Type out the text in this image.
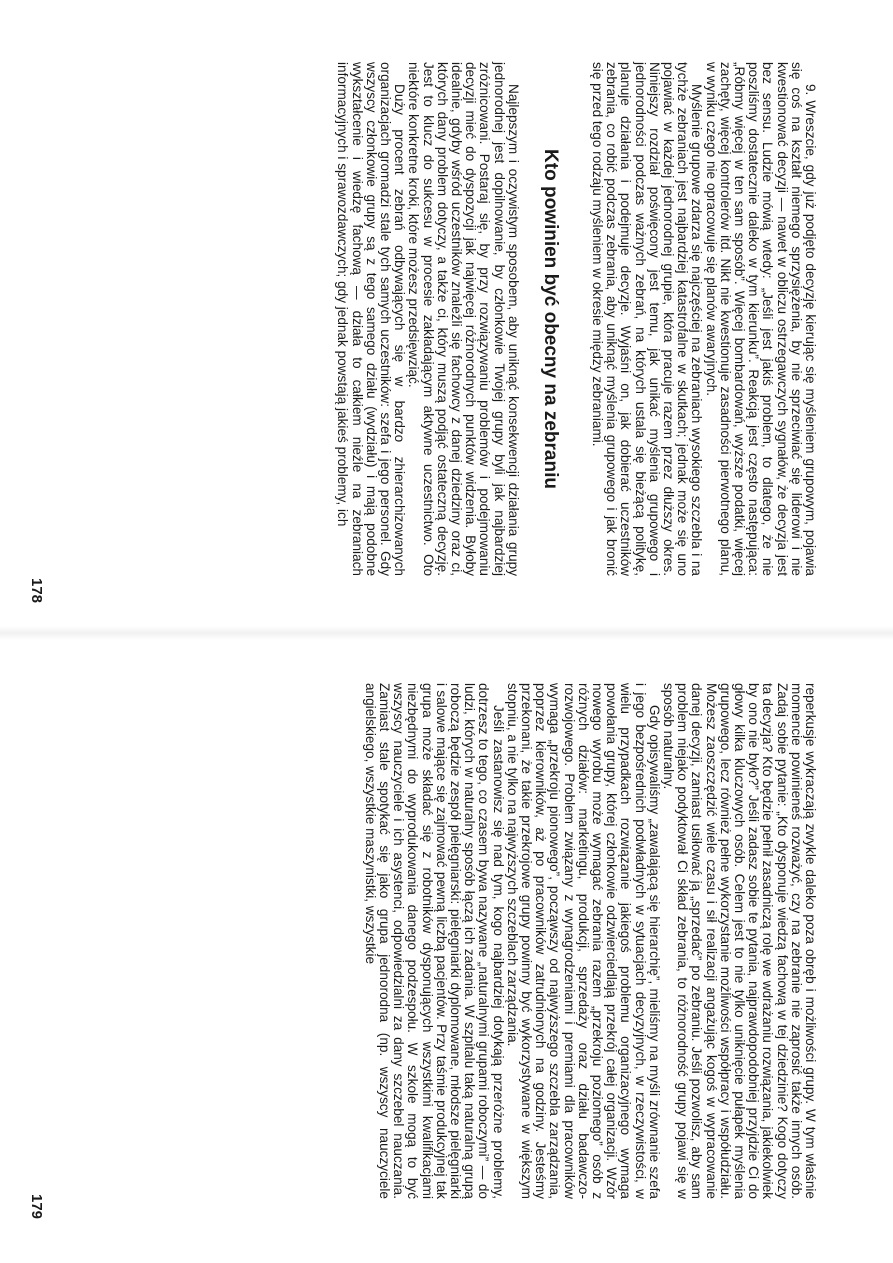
9. Wreszcie, gdy już podjęto decyzję kierując się myśleniem grupowym, pojawia się coś na kształt niemego sprzysiężenia, by nie sprzeciwiać się liderowi i nie kwestionować decyzji — nawet w obliczu ostrzegawczych sygnałów, że decyzja jest bez sensu. Ludzie mówią wtedy: „Jeśli jest jakiś problem, to dlatego, że nie poszliśmy dostatecznie daleko w tym kierunku”. Reakcją jest często następująca: „Róbmy więcej w ten sam sposób”. Więcej bombardowań, wyższe podatki, więcej zachęty, więcej kontrolerów itd. Nikt nie kwestionuje zasadności pierwotnego planu, w wyniku czego nie opracowuje się planów awaryjnych.

Myślenie grupowe zdarza się najczęściej na zebraniach wysokiego szczebla i na tychże zebraniach jest najbardziej katastrofalne w skutkach; jednak może się uno pojawiać w każdej jednorodnej grupie, która pracuje razem przez dłuższy okres. Niniejszy rozdział poświęcony jest temu, jak unikać myślenia grupowego i jednorodności podczas ważnych zebrań, na których ustala się bieżącą politykę, planuje działania i podejmuje decyzje. Wyjaśni on, jak dobierać uczestników zebrania, co robić podczas zebrania, aby uniknąć myślenia grupowego i jak bronić się przed tego rodzaju myśleniem w okresie między zebraniami.

Kto powinien być obecny na zebraniu

Najlepszym i oczywistym sposobem, aby uniknąć konsekwencji działania grupy jednorodnej jest dopilnowanie, by członkowie Twojej grupy byli jak najbardziej zróżnicowani. Postaraj się, by przy rozwiązywaniu problemów i podejmowaniu decyzji mieć do dyspozycji jak najwięcej różnorodnych punktów widzenia. Byłoby idealnie, gdyby wśród uczestników znaleźli się fachowcy z danej dziedziny oraz ci, których dany problem dotyczy, a także ci, który muszą podjąć ostateczną decyzję. Jest to klucz do sukcesu w procesie zakładającym aktywne uczestnictwo. Oto niektóre konkretne kroki, które możesz przedsięwziąć.

Duży procent zebrań odbywających się w bardzo zhierarchizowanych organizacjach gromadzi stale tych samych uczestników: szefa i jego personel. Gdy wszyscy członkowie grupy są z tego samego działu (wydziału) i mają podobne wykształcenie i wiedzę fachową — działa to całkiem nieźle na zebraniach informacyjnych i sprawozdawczych; gdy jednak powstają jakieś problemy, ich

178

reperkusje wykraczają zwykle daleko poza obręb i możliwości grupy. W tym właśnie momencie powinieneś rozważyć, czy na zebranie nie zaprosić także innych osób. Zadaj sobie pytanie: „Kto dysponuje wiedzą fachową w tej dziedzinie? Kogo dotyczy ta decyzja? Kto będzie pełnił zasadniczą rolę we wdrażaniu rozwiązania, jakiekolwiek by ono nie było?” Jeśli zadasz sobie te pytania, najprawdopodobniej przyjdzie Ci do głowy kilka kluczowych osób. Celem jest to nie tylko uniknięcie pułapek myślenia grupowego, lecz również pełne wykorzystanie możliwości współpracy i współudziału. Możesz zaoszczędzić wiele czasu i sił realizacji angażując kogoś w wypracowanie danej decyzji, zamiast usiłować ją „sprzedać” po zebraniu. Jeśli pozwolisz, aby sam problem niejako podyktował Ci skład zebrania, to różnorodność grupy pojawi się w sposób naturalny.

Gdy opisywaliśmy „zawalającą się hierarchię”, mieliśmy na myśli zrównanie szefa i jego bezpośrednich podwładnych w sytuacjach decyzyjnych, w rzeczywistości, w wielu przypadkach rozwiązanie jakiegoś problemu organizacyjnego wymaga powołania grupy, której członkowie odzwierciedlają przekrój całej organizacji. Wzór nowego wyrobu może wymagać zebrania razem „przekroju poziomego” osób z różnych działów: marketingu, produkcji, sprzedaży oraz działu badawczo-rozwojowego. Problem związany z wynagrodzeniami i premiami dla pracowników wymaga „przekroju pionowego”, począwszy od najwyższego szczebla zarządzania, poprzez kierowników, aż po pracowników zatrudnionych na godziny. Jesteśmy przekonani, że takie przekrojowe grupy powinny być wykorzystywane w większym stopniu, a nie tylko na najwyższych szczeblach zarządzania.

Jeśli zastanowisz się nad tym, kogo najbardziej dotykają przeróżne problemy, dotrzesz to tego, co czasem bywa nazywane „naturalnymi grupami roboczymi” — do ludzi, których w naturalny sposób łączą ich zadania. W szpitalu taką naturalną grupą roboczą będzie zespół pielęgniarski: pielęgniarki dyplomowane, młodsze pielęgniarki i salowe mające się zajmować pewną liczbą pacjentów. Przy taśmie produkcyjnej tak grupa może składać się z robotników dysponujących wszystkimi kwalifikacjami niezbędnymi do wyprodukowania danego podzespołu. W szkole mogą to być wszyscy nauczyciele i ich asystenci, odpowiedzialni za dany szczebel nauczania. Zamiast stale spotykać się jako grupa jednorodna (np. wszyscy nauczyciele angielskiego, wszystkie maszynistki, wszystkie

179
